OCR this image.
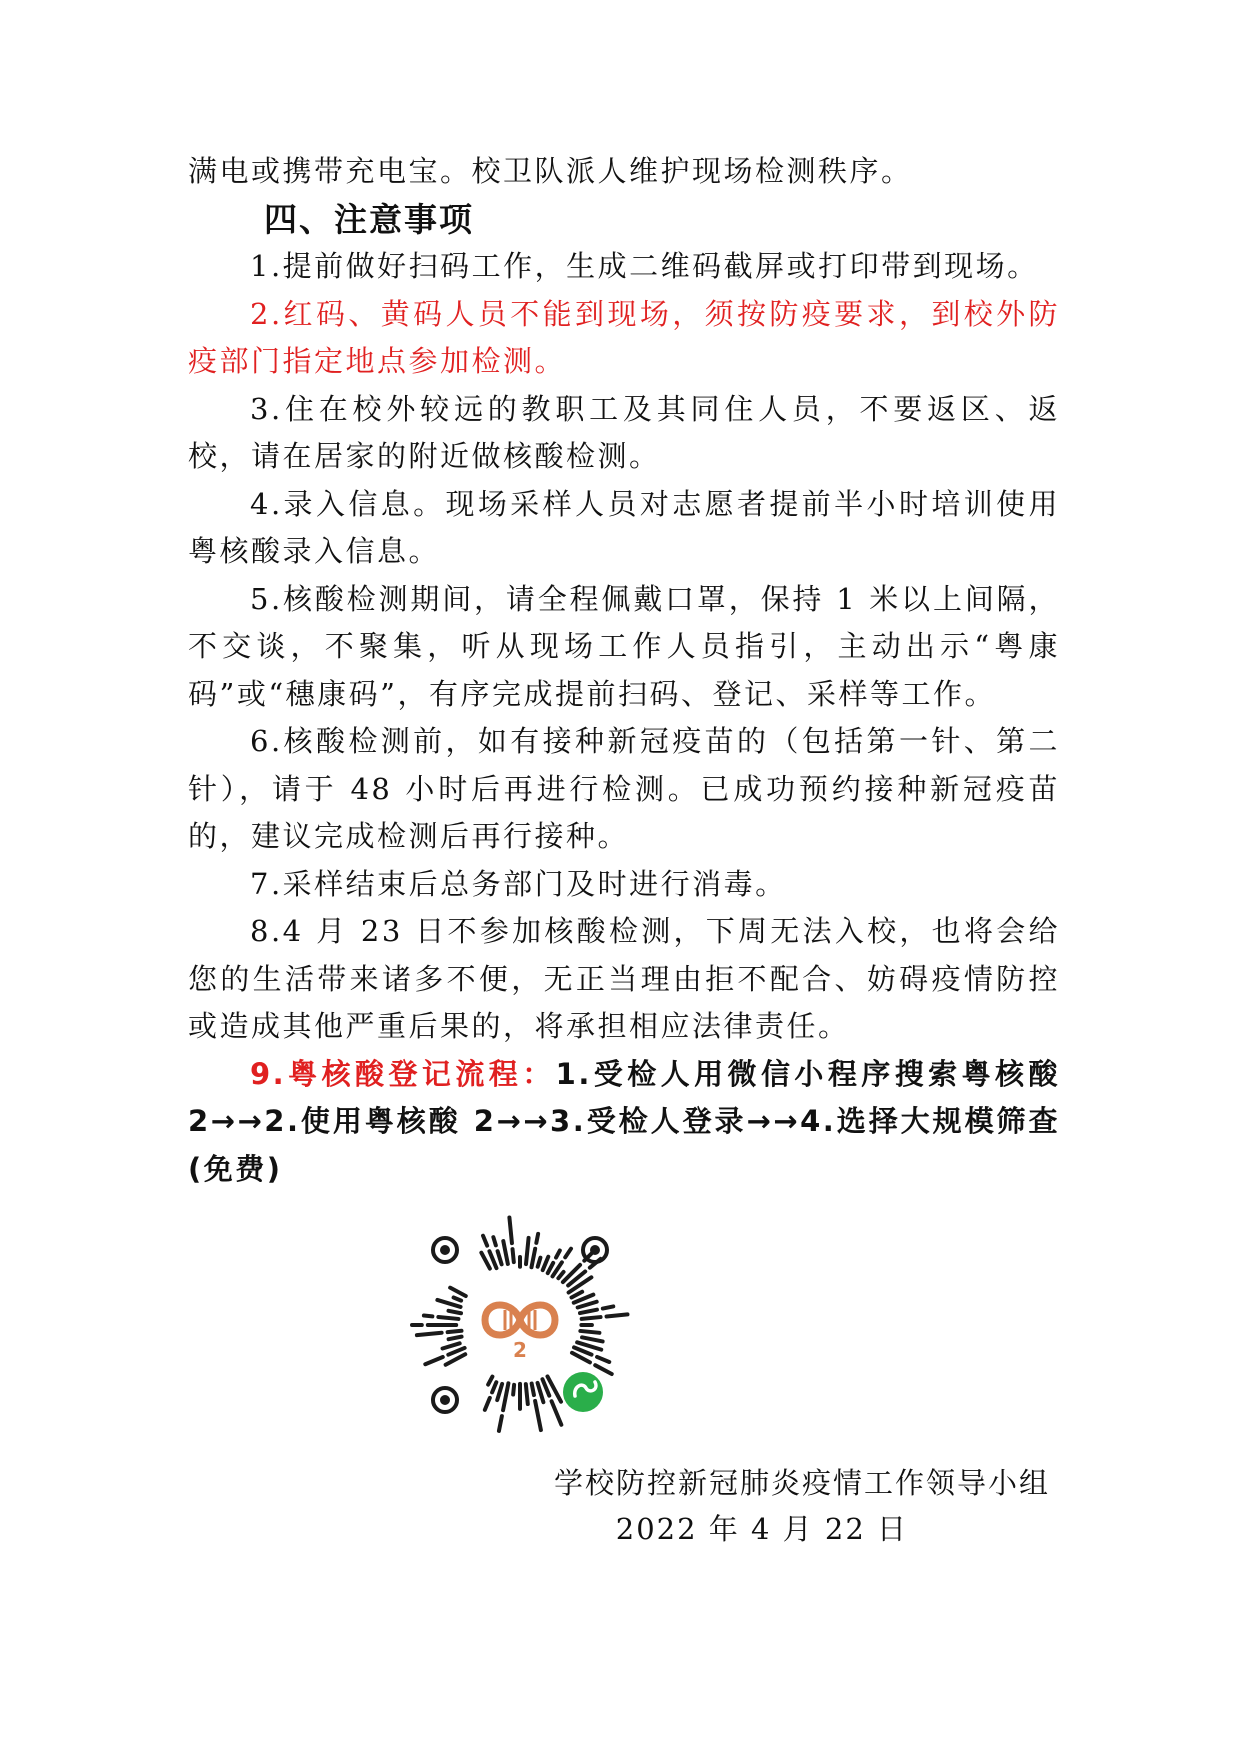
满电或携带充电宝。校卫队派人维护现场检测秩序。

四、注意事项

1.提前做好扫码工作，生成二维码截屏或打印带到现场。

2.红码、黄码人员不能到现场，须按防疫要求，到校外防疫部门指定地点参加检测。

3.住在校外较远的教职工及其同住人员，不要返区、返校，请在居家的附近做核酸检测。

4.录入信息。现场采样人员对志愿者提前半小时培训使用粤核酸录入信息。

5.核酸检测期间，请全程佩戴口罩，保持 1 米以上间隔，不交谈，不聚集，听从现场工作人员指引，主动出示“粤康码”或“穗康码”，有序完成提前扫码、登记、采样等工作。

6.核酸检测前，如有接种新冠疫苗的（包括第一针、第二针），请于 48 小时后再进行检测。已成功预约接种新冠疫苗的，建议完成检测后再行接种。

7.采样结束后总务部门及时进行消毒。

8.4 月 23 日不参加核酸检测，下周无法入校，也将会给您的生活带来诸多不便，无正当理由拒不配合、妨碍疫情防控或造成其他严重后果的，将承担相应法律责任。

9.粤核酸登记流程：1.受检人用微信小程序搜索粤核酸 2→→2.使用粤核酸 2→→3.受检人登录→→4.选择大规模筛查(免费)

2
学校防控新冠肺炎疫情工作领导小组
2022 年 4 月 22 日
